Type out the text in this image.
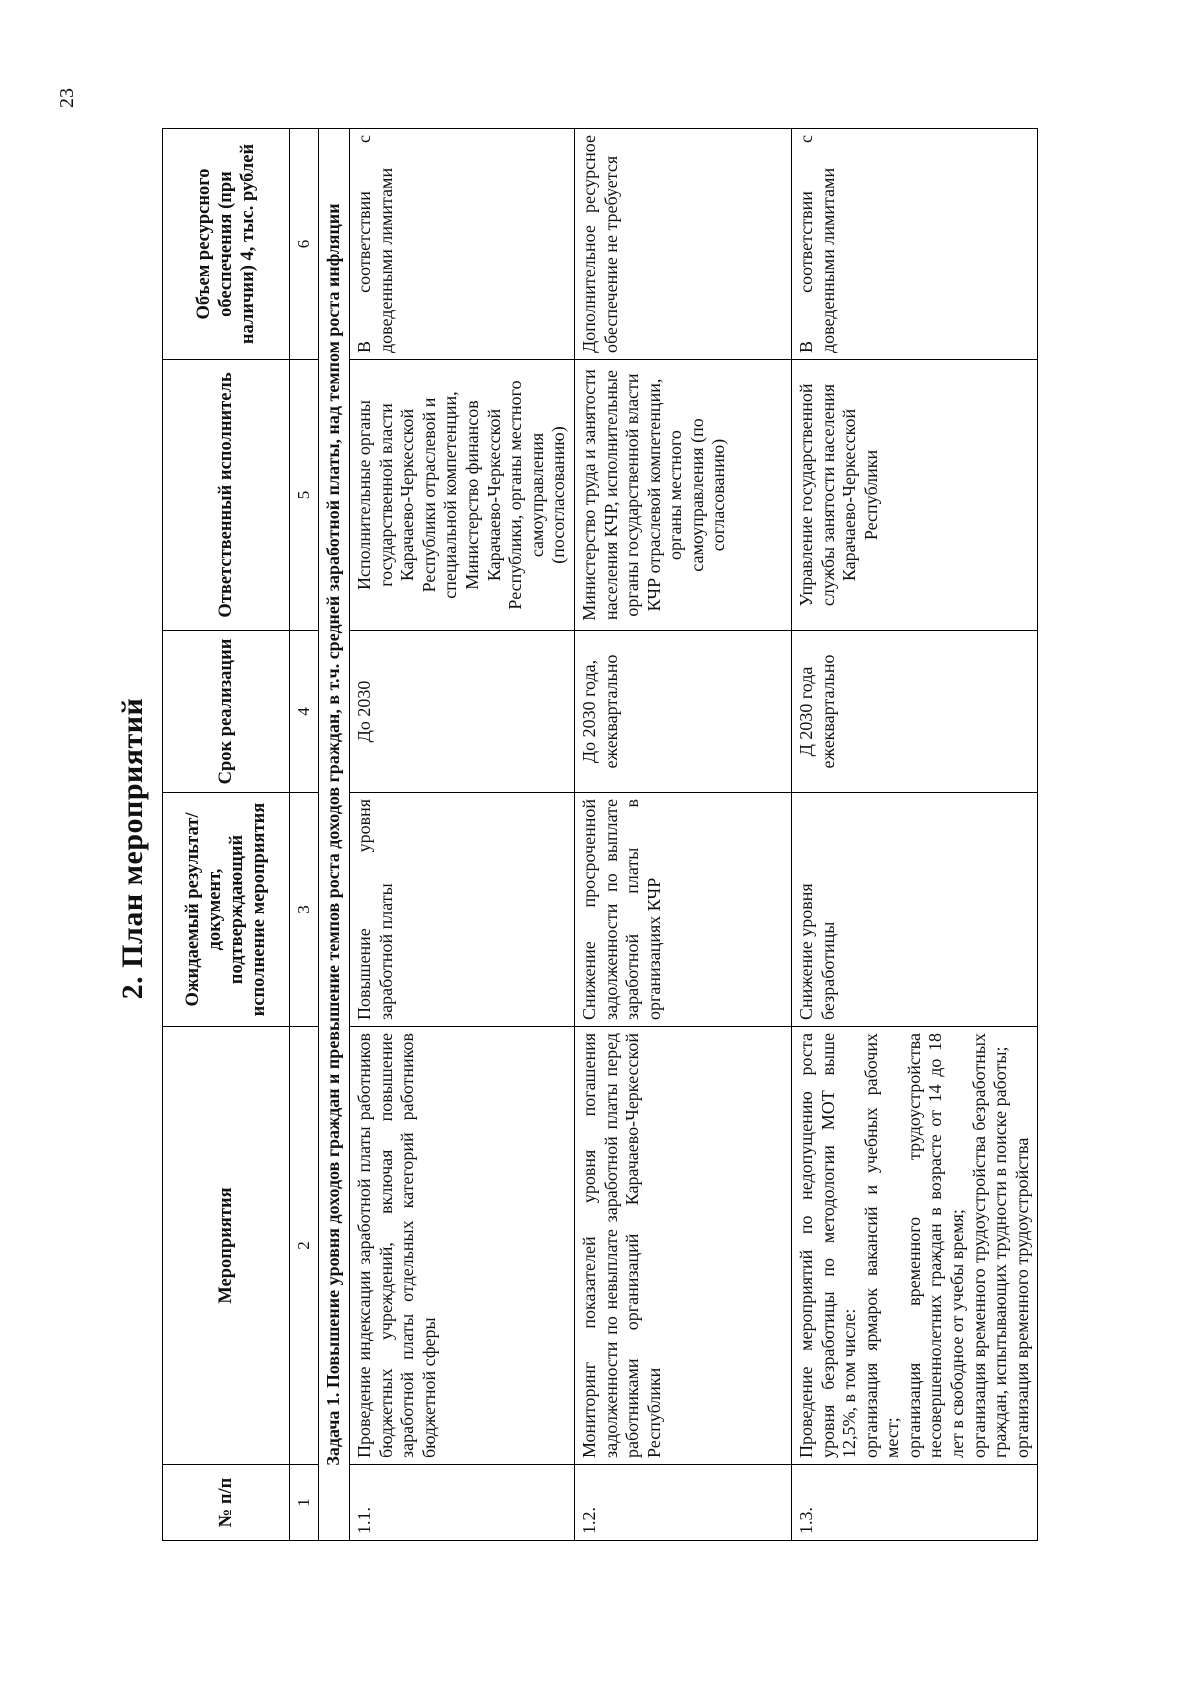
23
2. План мероприятий
№ п/п	Мероприятия	Ожидаемый результат/ документ, подтверждающий исполнение мероприятия	Срок реализации	Ответственный исполнитель	Объем ресурсного обеспечения (при наличии) 4, тыс. рублей
1	2	3	4	5	6
Задача 1. Повышение уровня доходов граждан и превышение темпов роста доходов граждан, в т.ч. средней заработной платы, над темпом роста инфляции					
1.1.	Проведение индексации заработной платы работников бюджетных учреждений, включая повышение заработной платы отдельных категорий работников бюджетной сферы	Повышение уровня заработной платы	До 2030	Исполнительные органы государственной власти Карачаево-Черкесской Республики отраслевой и специальной компетенции, Министерство финансов Карачаево-Черкесской Республики, органы местного самоуправления (посогласованию)	В соответствии с доведенными лимитами
1.2.	Мониторинг показателей уровня погашения задолженности по невыплате заработной платы перед работниками организаций Карачаево-Черкесской Республики	Снижение просроченной задолженности по выплате заработной платы в организациях КЧР	До 2030 года, ежеквартально	Министерство труда и занятости населения КЧР, исполнительные органы государственной власти КЧР отраслевой компетенции, органы местного самоуправления (по согласованию)	Дополнительное ресурсное обеспечение не требуется
1.3.	Проведение мероприятий по недопущению роста уровня безработицы по методологии МОТ выше 12,5%, в том числе: организация ярмарок вакансий и учебных рабочих мест; организация временного трудоустройства несовершеннолетних граждан в возрасте от 14 до 18 лет в свободное от учебы время; организация временного трудоустройства безработных граждан, испытывающих трудности в поиске работы; организация временного трудоустройства	Снижение уровня безработицы	Д 2030 года ежеквартально	Управление государственной службы занятости населения Карачаево-Черкесской Республики	В соответствии с доведенными лимитами
